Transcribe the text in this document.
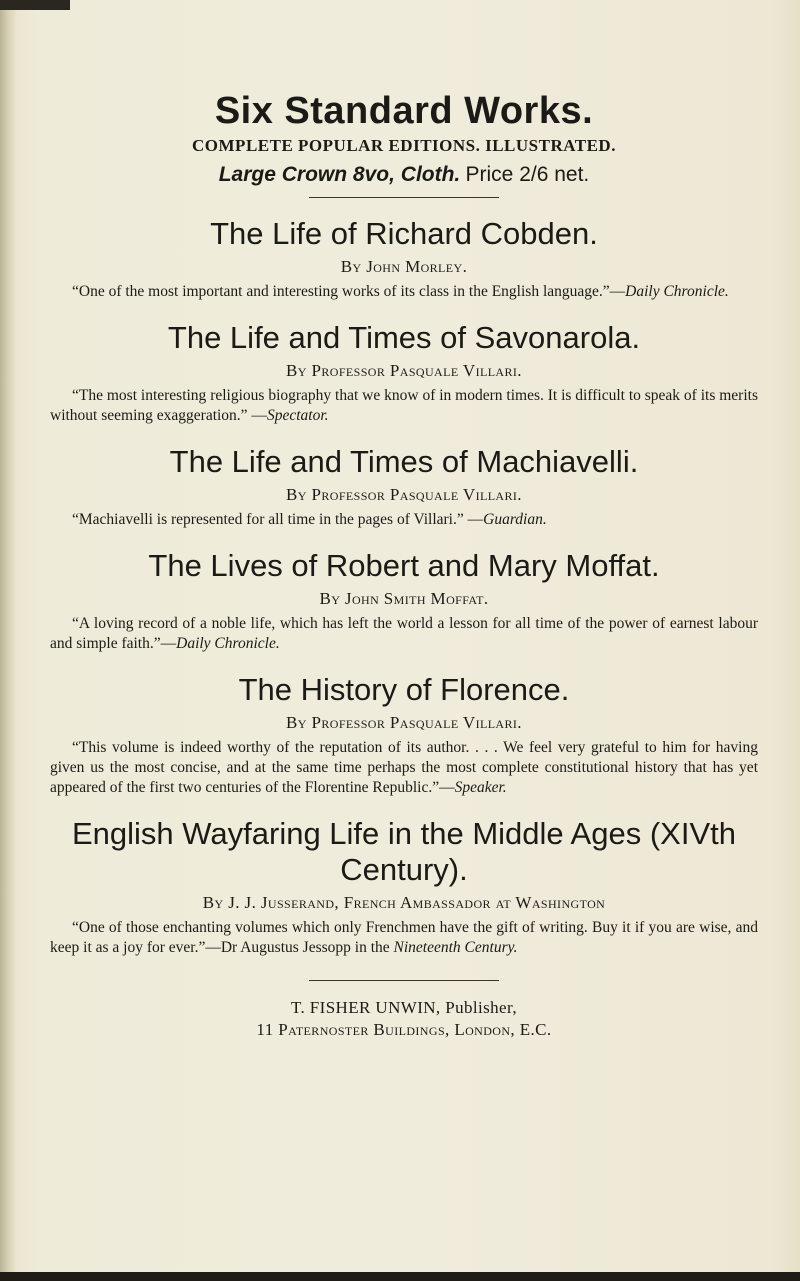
Six Standard Works.

COMPLETE POPULAR EDITIONS. ILLUSTRATED.

Large Crown 8vo, Cloth. Price 2/6 net.

The Life of Richard Cobden.

By John Morley.

“One of the most important and interesting works of its class in the English language.”—Daily Chronicle.

The Life and Times of Savonarola.

By Professor Pasquale Villari.

“The most interesting religious biography that we know of in modern times. It is difficult to speak of its merits without seeming exaggeration.” —Spectator.

The Life and Times of Machiavelli.

By Professor Pasquale Villari.

“Machiavelli is represented for all time in the pages of Villari.” —Guardian.

The Lives of Robert and Mary Moffat.

By John Smith Moffat.

“A loving record of a noble life, which has left the world a lesson for all time of the power of earnest labour and simple faith.”—Daily Chronicle.

The History of Florence.

By Professor Pasquale Villari.

“This volume is indeed worthy of the reputation of its author. . . . We feel very grateful to him for having given us the most concise, and at the same time perhaps the most complete constitutional history that has yet appeared of the first two centuries of the Florentine Republic.”—Speaker.

English Wayfaring Life in the Middle Ages (XIVth Century).

By J. J. Jusserand, French Ambassador at Washington

“One of those enchanting volumes which only Frenchmen have the gift of writing. Buy it if you are wise, and keep it as a joy for ever.”—Dr Augustus Jessopp in the Nineteenth Century.

T. FISHER UNWIN, Publisher,

11 Paternoster Buildings, London, E.C.
